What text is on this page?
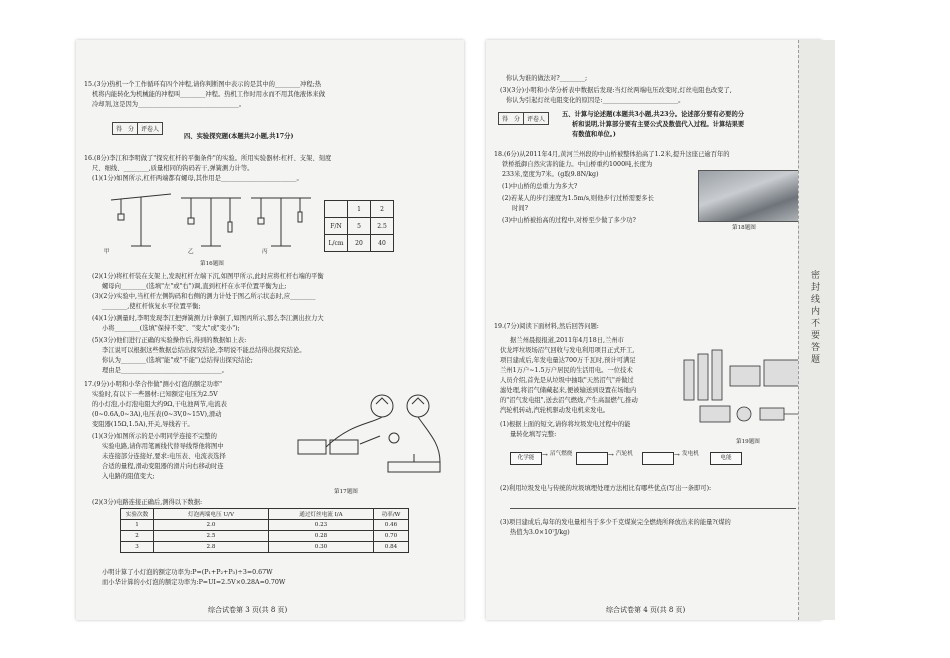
15.(3分)热机一个工作循环有四个冲程,请你判断图中表示的是其中的________冲程;热
机将内能转化为机械能的冲程叫________冲程。热机工作时用水而不用其他液体来做
冷却剂,这是因为________________________________。
得　分	评卷人
四、实验探究题(本题共2小题,共17分)
16.(8分)李江和李明做了"探究杠杆的平衡条件"的实验。所用实验器材:杠杆、支架、刻度
尺、细线、________,质量相同的钩码若干,弹簧测力计等。
(1)(1分)如图所示,杠杆两端都有螺母,其作用是________________________。
甲	乙	丙
第16题图
	1	2
F/N	5	2.5
L/cm	20	40
(2)(1分)将杠杆装在支架上,发现杠杆左端下沉,如图甲所示,此时应将杠杆右端的平衡
螺母向________(选填"左"或"右")调,直到杠杆在水平位置平衡为止;
(3)(2分)实验中,当杠杆左侧钩码和右侧的测力计处于图乙所示状态时,应________
________,使杠杆恢复水平位置平衡;
(4)(1分)测量时,李明发现李江把弹簧测力计拿倒了,如图丙所示,那么李江测出拉力大
小将________(选填"保持不变"、"变大"或"变小");
(5)(3分)他们进行正确的实验操作后,得到的数据如上表:
李江说可以根据这些数据总结出探究结论,李明说不能总结得出探究结论。
你认为________(选填"能"或"不能")总结得出探究结论;
理由是________________________________。
17.(9分)小明和小华合作做"测小灯泡的额定功率"
实验时,有以下一些器材:已知额定电压为2.5V
的小灯泡,小灯泡电阻大约9Ω,干电池两节,电流表
(0~0.6A,0~3A),电压表(0~3V,0~15V),滑动
变阻器(15Ω,1.5A),开关,导线若干。
(1)(3分)如图所示的是小明同学连接不完整的
实验电路,请你用笔画线代替导线帮他将图中
未连接部分连接好,要求:电压表、电流表选择
合适的量程,滑动变阻器的滑片向右移动时连
入电路的阻值变大;
第17题图
(2)(3分)电路连接正确后,测得以下数据:
实验次数	灯泡两端电压 U/V	通过灯丝电流 I/A	功率/W
1	2.0	0.23	0.46
2	2.5	0.28	0.70
3	2.8	0.30	0.84
小明计算了小灯泡的额定功率为:P=(P₁+P₂+P₃)÷3=0.67W
而小华计算的小灯泡的额定功率为:P=UI=2.5V×0.28A=0.70W
综合试卷第 3 页(共 8 页)
你认为谁的做法对?________;
(3)(3分)小明和小华分析表中数据后发现:当灯丝两端电压改变时,灯丝电阻也改变了,
你认为引起灯丝电阻变化的原因是:________________________。
得　分	评卷人
五、计算与论述题(本题共3小题,共23分。论述部分要有必要的分
析和说明,计算部分要有主要公式及数值代入过程。计算结果要
有数值和单位。)
18.(6分)从2011年4月,黄河兰州段的中山桥被整体抬高了1.2米,提升这座已逾百年的
铁桥抵御自然灾害的能力。中山桥重约1000吨,长度为
233米,宽度为7米。(g取9.8N/kg)
(1)中山桥的总重力为多大?
(2)若某人的步行速度为1.5m/s,则他步行过桥需要多长
时间?
(3)中山桥被抬高的过程中,对桥至少做了多少功?
第18题图
19.(7分)阅读下面材料,然后回答问题:
据兰州晨报报道,2011年4月18日,兰州市
伏龙坪垃圾场沼气回收与发电利用项目正式开工,
项目建成后,年发电量达700万千瓦时,预计可满足
兰州1万户~1.5万户居民的生活用电。一位技术
人员介绍,首先是从垃圾中抽取"天然沼气"并做过
滤处理,将沼气储藏起来,便被输送到设置在场地内
的"沼气发电组",送去沼气燃烧,产生高温燃气,推动
汽轮机转动,汽轮机驱动发电机来发电。
(1)根据上面的短文,请你将垃圾发电过程中的能
量转化填写完整:
第19题图
化学能	→ 沼气燃烧	→ 汽轮机	→ 发电机
电能
(2)利用垃圾发电与传统的垃圾填埋处理方法相比有哪些优点(写出一条即可):
(3)项目建成后,每年的发电量相当于多少千克煤炭完全燃烧所释放出来的能量?(煤的
热值为3.0×10⁷J/kg)
综合试卷第 4 页(共 8 页)
密封线内不要答题
